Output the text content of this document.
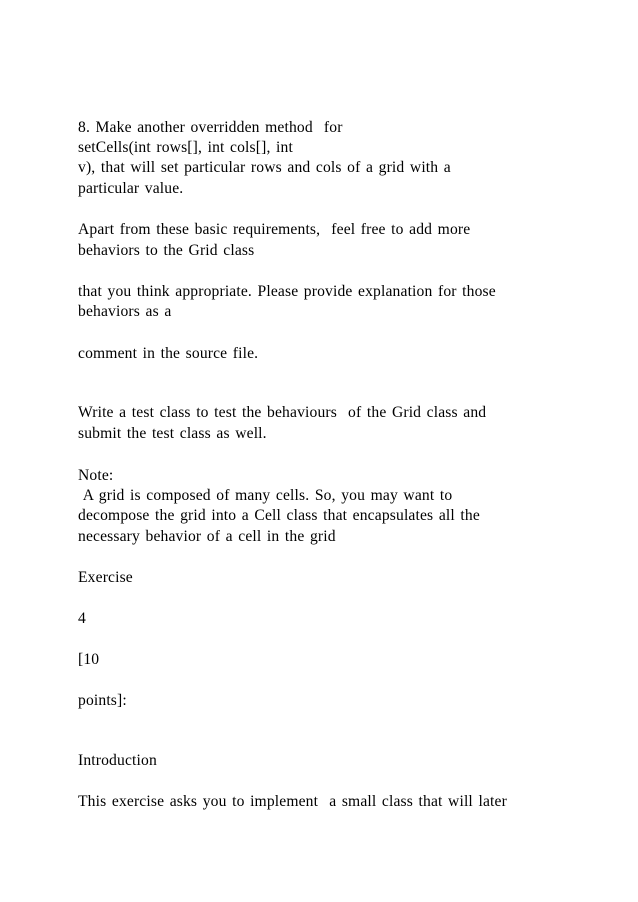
8. Make another overridden method  for
setCells(int rows[], int cols[], int
v), that will set particular rows and cols of a grid with a
particular value.
Apart from these basic requirements,  feel free to add more
behaviors to the Grid class
that you think appropriate. Please provide explanation for those
behaviors as a
comment in the source file.
Write a test class to test the behaviours  of the Grid class and
submit the test class as well.
Note:
A grid is composed of many cells. So, you may want to
decompose the grid into a Cell class that encapsulates all the
necessary behavior of a cell in the grid
Exercise
4
[10
points]:
Introduction
This exercise asks you to implement  a small class that will later
